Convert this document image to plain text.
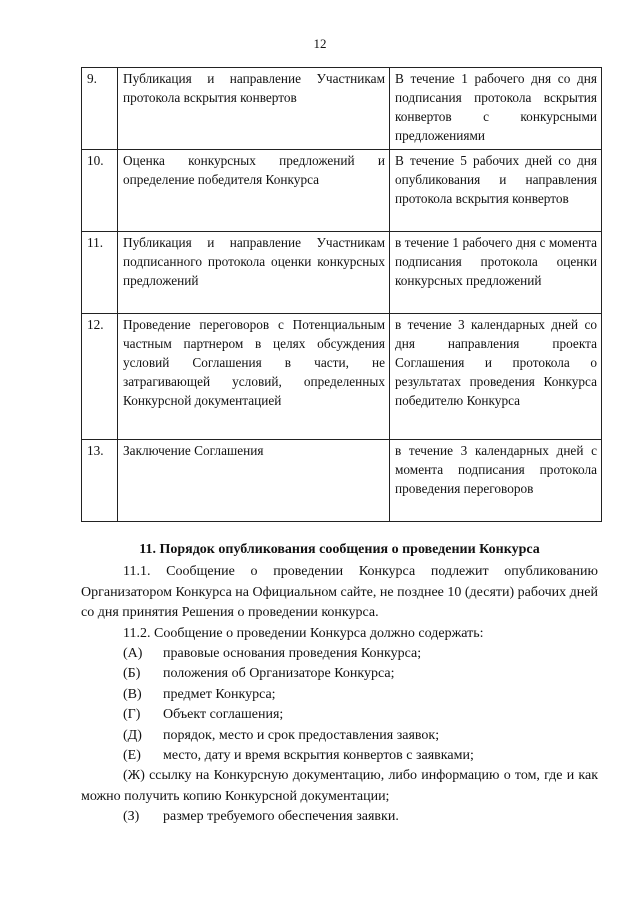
12
9.	Публикация и направление Участникам протокола вскрытия конвертов	В течение 1 рабочего дня со дня подписания протокола вскрытия конвертов с конкурсными предложениями
10.	Оценка конкурсных предложений и определение победителя Конкурса	В течение 5 рабочих дней со дня опубликования и направления протокола вскрытия конвертов
11.	Публикация и направление Участникам подписанного протокола оценки конкурсных предложений	в течение 1 рабочего дня с момента подписания протокола оценки конкурсных предложений
12.	Проведение переговоров с Потенциальным частным партнером в целях обсуждения условий Соглашения в части, не затрагивающей условий, определенных Конкурсной документацией	в течение 3 календарных дней со дня направления проекта Соглашения и протокола о результатах проведения Конкурса победителю Конкурса
13.	Заключение Соглашения	в течение 3 календарных дней с момента подписания протокола проведения переговоров

11. Порядок опубликования сообщения о проведении Конкурса

11.1. Сообщение о проведении Конкурса подлежит опубликованию Организатором Конкурса на Официальном сайте, не позднее 10 (десяти) рабочих дней со дня принятия Решения о проведении конкурса.

11.2. Сообщение о проведении Конкурса должно содержать:

(А)	правовые основания проведения Конкурса;
(Б)	положения об Организаторе Конкурса;
(В)	предмет Конкурса;
(Г)	Объект соглашения;
(Д)	порядок, место и срок предоставления заявок;
(Е)	место, дату и время вскрытия конвертов с заявками;

(Ж) ссылку на Конкурсную документацию, либо информацию о том, где и как можно получить копию Конкурсной документации;

(З)	размер требуемого обеспечения заявки.
